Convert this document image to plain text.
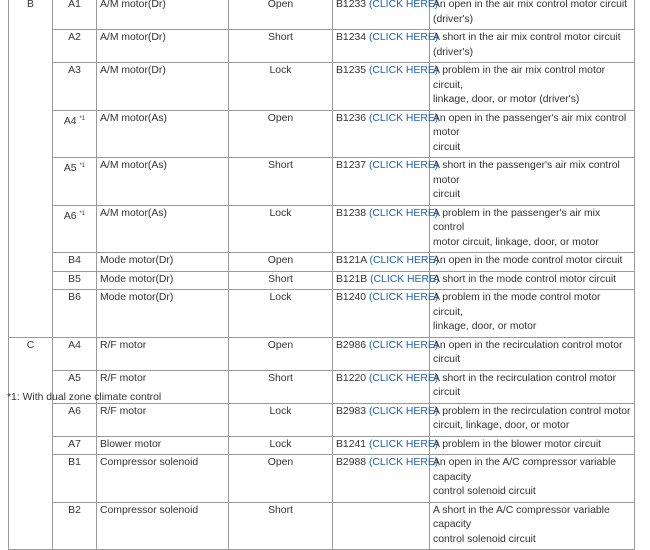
B	A1	A/M motor(Dr)	Open	B1233 (CLICK HERE)	An open in the air mix control motor circuit
(driver's)
	A2	A/M motor(Dr)	Short	B1234 (CLICK HERE)	A short in the air mix control motor circuit
(driver's)
	A3	A/M motor(Dr)	Lock	B1235 (CLICK HERE)	A problem in the air mix control motor circuit,
linkage, door, or motor (driver's)
	A4 $^{*1}$	A/M motor(As)	Open	B1236 (CLICK HERE)	An open in the passenger's air mix control motor
circuit
	A5 $^{*1}$	A/M motor(As)	Short	B1237 (CLICK HERE)	A short in the passenger's air mix control motor
circuit
	A6 $^{*1}$	A/M motor(As)	Lock	B1238 (CLICK HERE)	A problem in the passenger's air mix control
motor circuit, linkage, door, or motor
	B4	Mode motor(Dr)	Open	B121A (CLICK HERE)	An open in the mode control motor circuit
	B5	Mode motor(Dr)	Short	B121B (CLICK HERE)	A short in the mode control motor circuit
	B6	Mode motor(Dr)	Lock	B1240 (CLICK HERE)	A problem in the mode control motor circuit,
linkage, door, or motor
C	A4	R/F motor	Open	B2986 (CLICK HERE)	An open in the recirculation control motor circuit
	A5	R/F motor	Short	B1220 (CLICK HERE)	A short in the recirculation control motor circuit
	A6	R/F motor	Lock	B2983 (CLICK HERE)	A problem in the recirculation control motor
circuit, linkage, door, or motor
	A7	Blower motor	Lock	B1241 (CLICK HERE)	A problem in the blower motor circuit
	B1	Compressor solenoid	Open	B2988 (CLICK HERE)	An open in the A/C compressor variable capacity
control solenoid circuit
	B2	Compressor solenoid	Short		A short in the A/C compressor variable capacity
control solenoid circuit
*1: With dual zone climate control
